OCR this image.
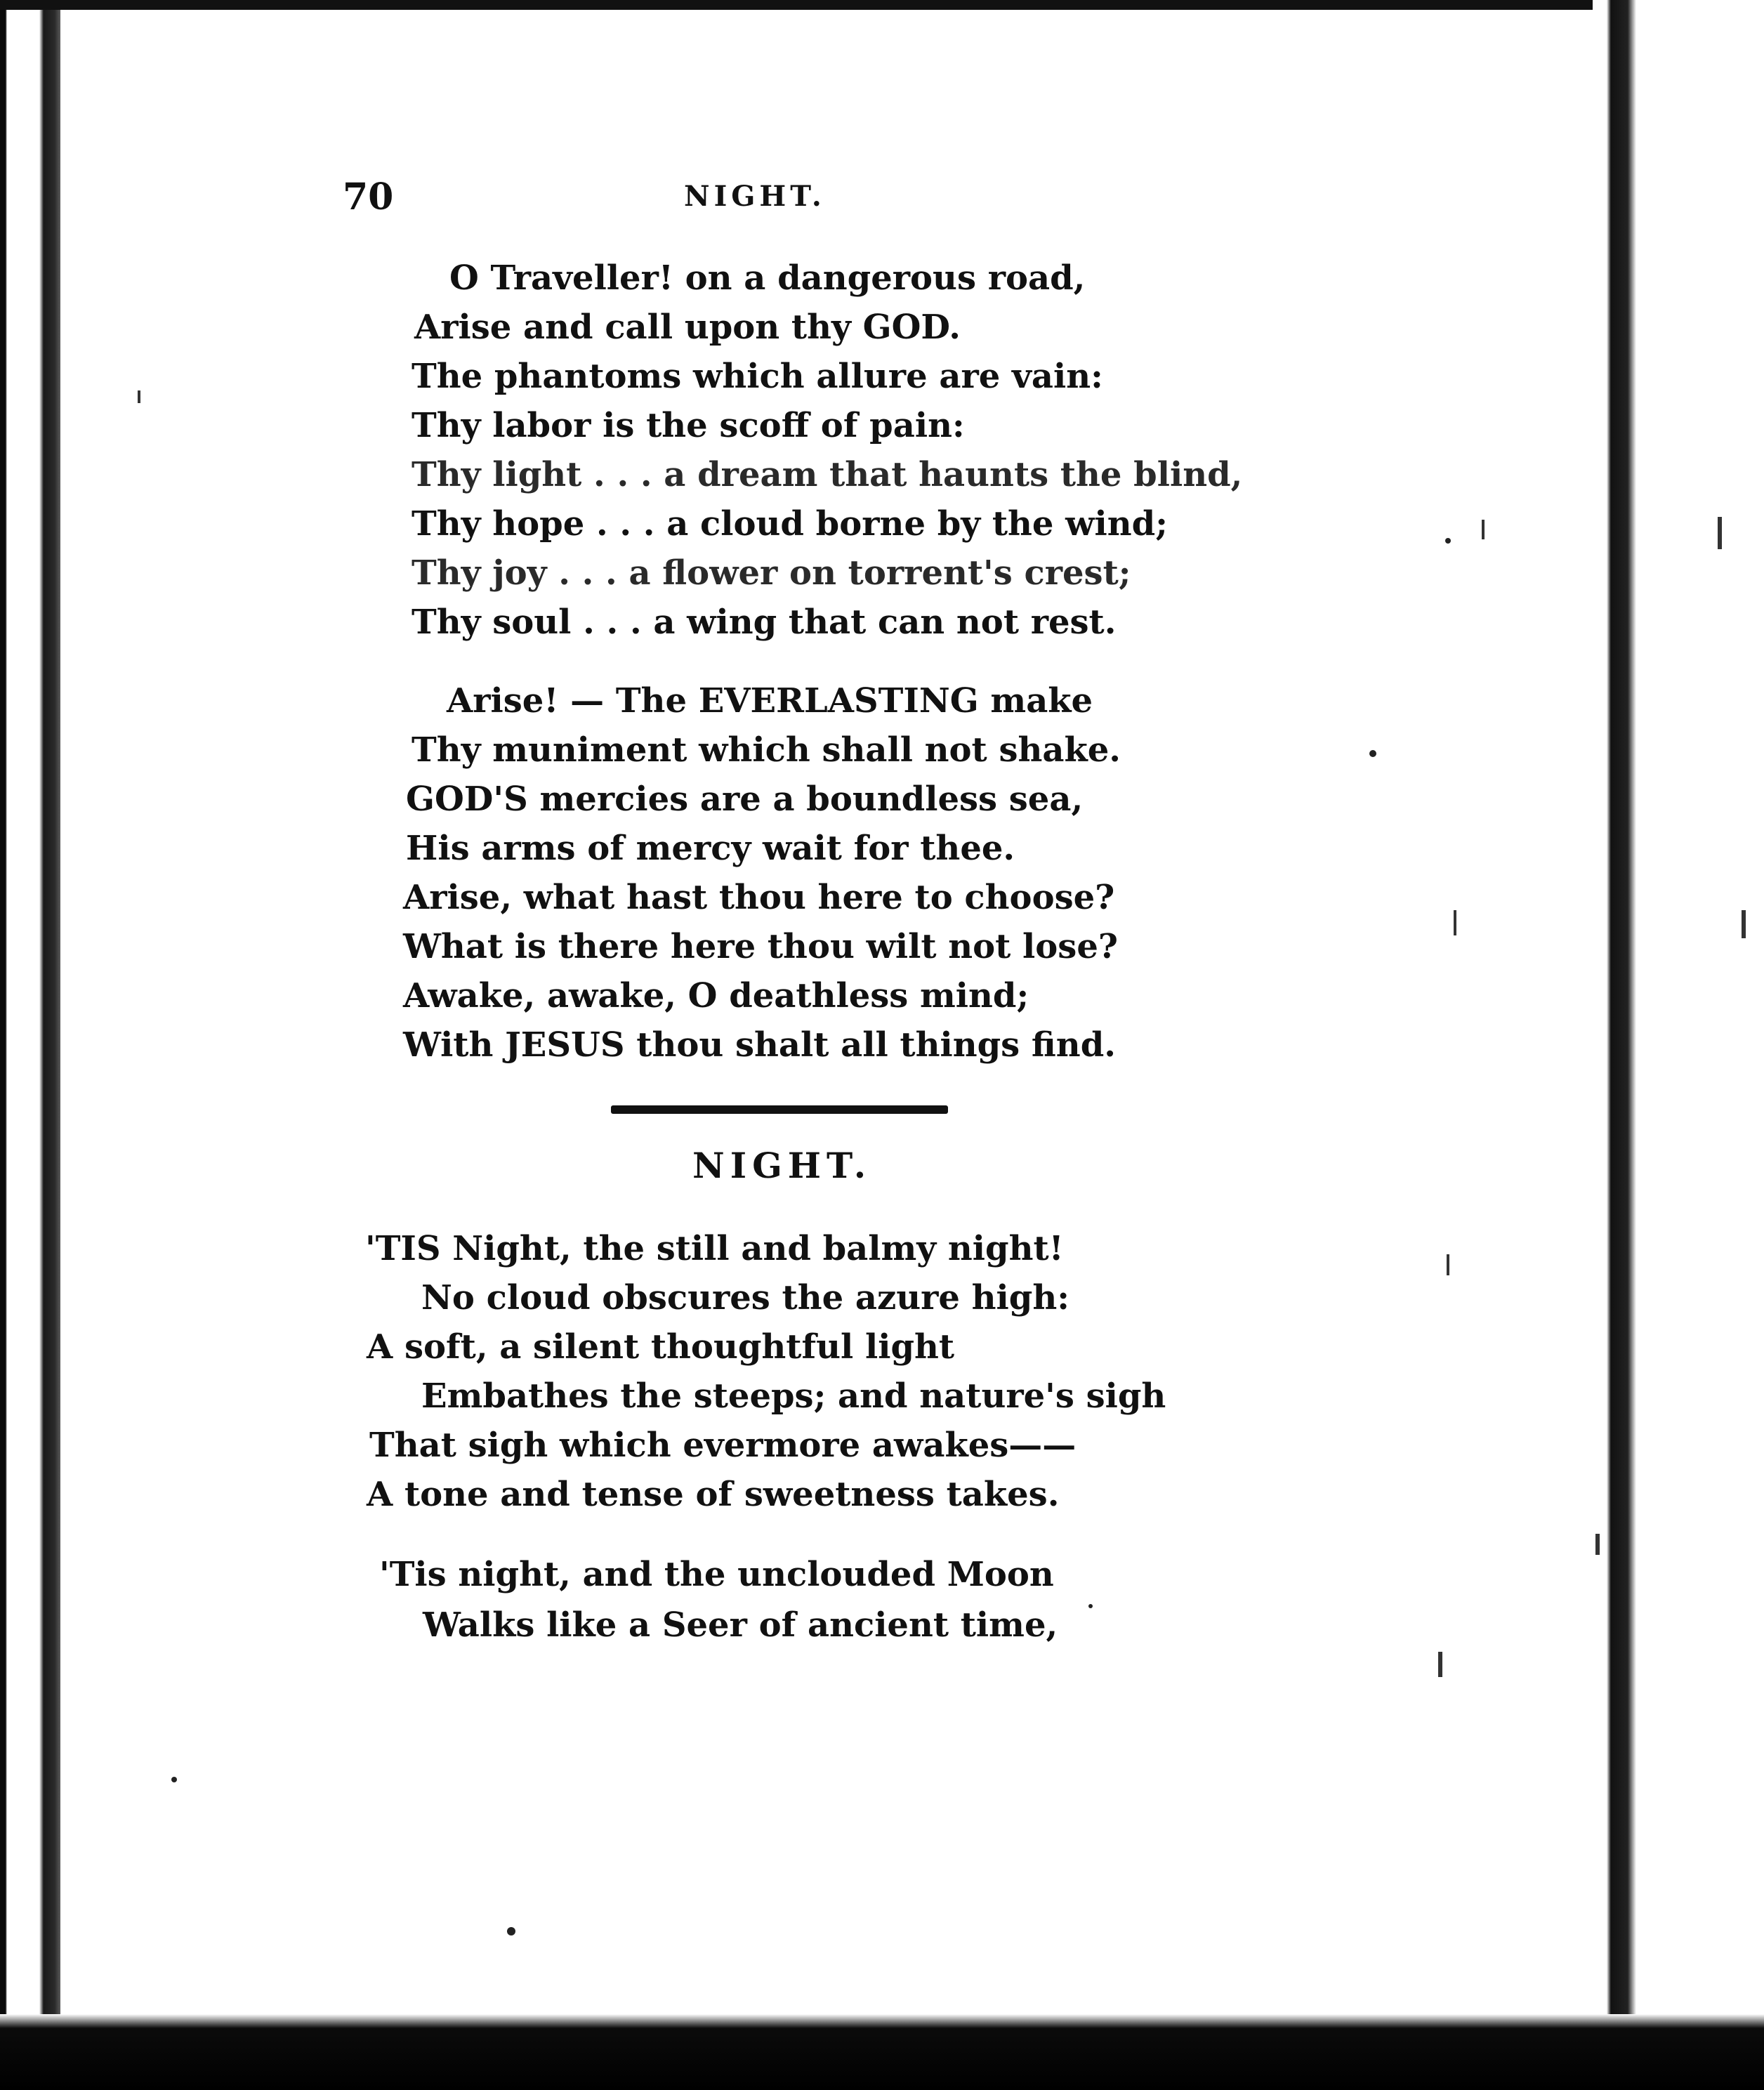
70	NIGHT.
O Traveller! on a dangerous road,
Arise and call upon thy GOD.
The phantoms which allure are vain:
Thy labor is the scoff of pain:
Thy light . . . a dream that haunts the blind,
Thy hope . . . a cloud borne by the wind;
Thy joy . . . a flower on torrent's crest;
Thy soul . . . a wing that can not rest.
Arise! — The EVERLASTING make
Thy muniment which shall not shake.
GOD'S mercies are a boundless sea,
His arms of mercy wait for thee.
Arise, what hast thou here to choose?
What is there here thou wilt not lose?
Awake, awake, O deathless mind;
With JESUS thou shalt all things find.
NIGHT.
'TIS Night, the still and balmy night!
No cloud obscures the azure high:
A soft, a silent thoughtful light
Embathes the steeps; and nature's sigh
That sigh which evermore awakes——
A tone and tense of sweetness takes.
'Tis night, and the unclouded Moon
Walks like a Seer of ancient time,
